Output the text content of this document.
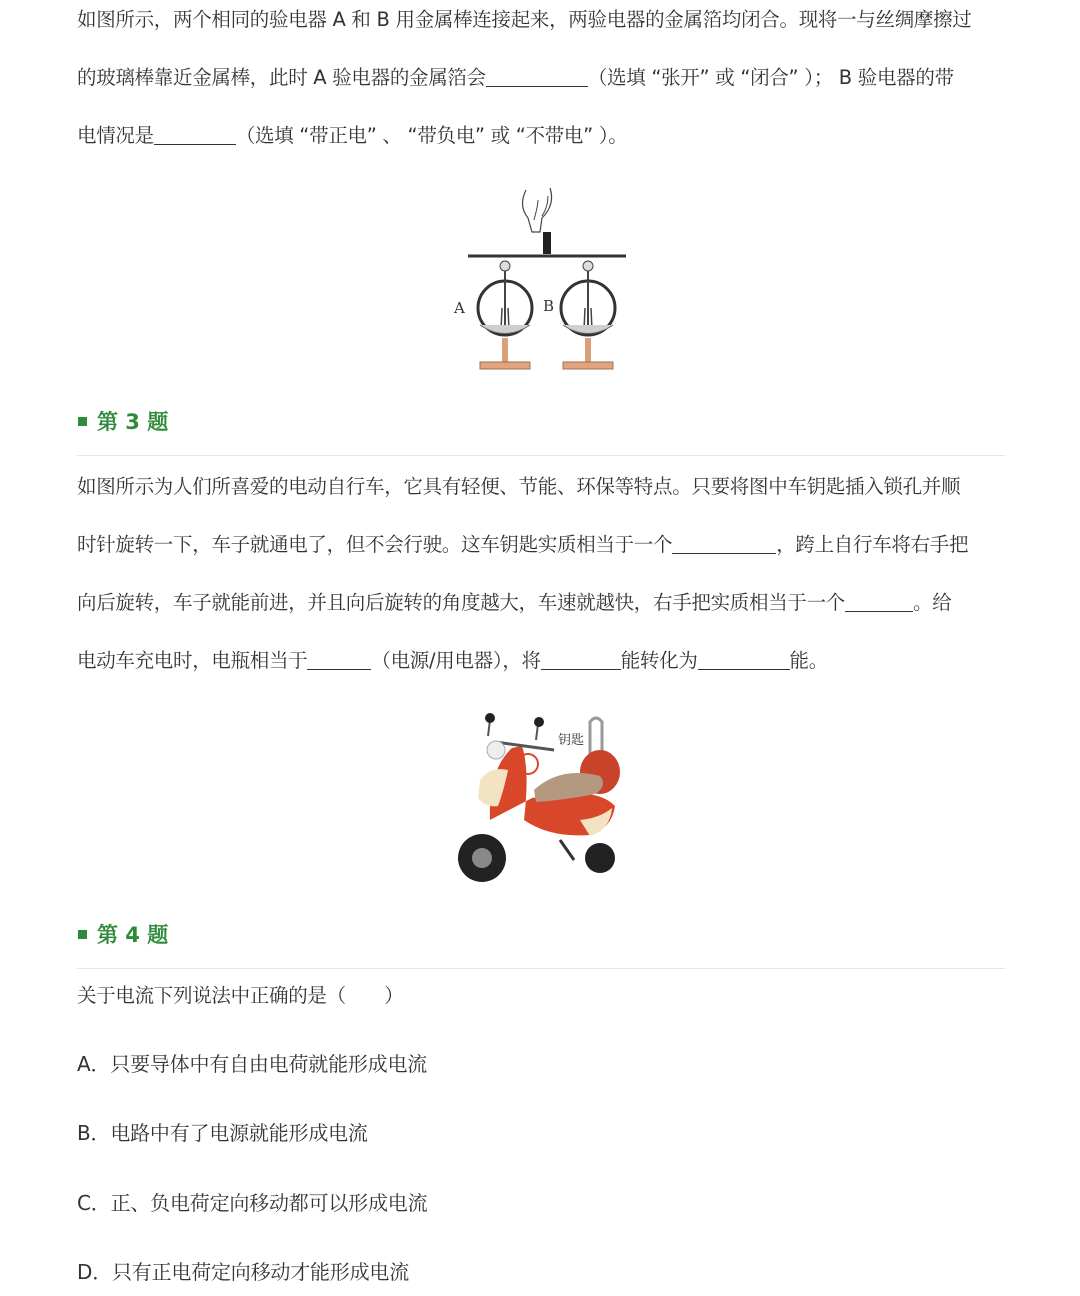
如图所示，两个相同的验电器 A 和 B 用金属棒连接起来，两验电器的金属箔均闭合。现将一与丝绸摩擦过
的玻璃棒靠近金属棒，此时 A 验电器的金属箔会	（选填 “张开” 或 “闭合” ）； B 验电器的带
电情况是	（选填 “带正电” 、 “带负电” 或 “不带电” ）。
A	B
第 3 题
如图所示为人们所喜爱的电动自行车，它具有轻便、节能、环保等特点。只要将图中车钥匙插入锁孔并顺
时针旋转一下，车子就通电了，但不会行驶。这车钥匙实质相当于一个	，跨上自行车将右手把
向后旋转，车子就能前进，并且向后旋转的角度越大，车速就越快，右手把实质相当于一个	。给
电动车充电时，电瓶相当于	（电源/用电器），将	能转化为	能。
钥匙
第 4 题
关于电流下列说法中正确的是（　　）
A．只要导体中有自由电荷就能形成电流
B．电路中有了电源就能形成电流
C．正、负电荷定向移动都可以形成电流
D．只有正电荷定向移动才能形成电流
